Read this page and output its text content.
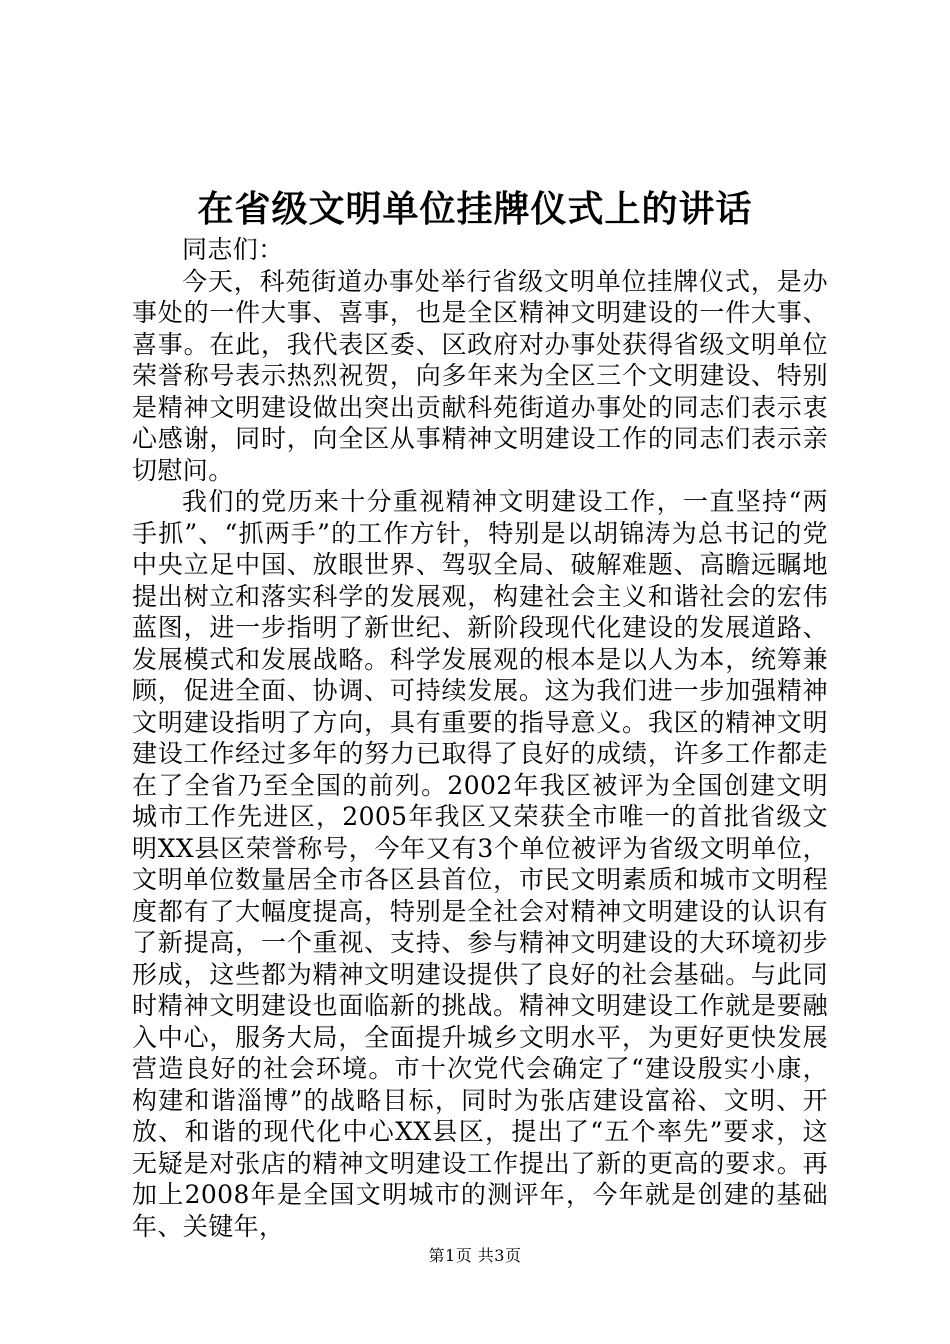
在省级文明单位挂牌仪式上的讲话

同志们：

今天，科苑街道办事处举行省级文明单位挂牌仪式，是办事处的一件大事、喜事，也是全区精神文明建设的一件大事、喜事。在此，我代表区委、区政府对办事处获得省级文明单位荣誉称号表示热烈祝贺，向多年来为全区三个文明建设、特别是精神文明建设做出突出贡献科苑街道办事处的同志们表示衷心感谢，同时，向全区从事精神文明建设工作的同志们表示亲切慰问。

我们的党历来十分重视精神文明建设工作，一直坚持“两手抓”、“抓两手”的工作方针，特别是以胡锦涛为总书记的党中央立足中国、放眼世界、驾驭全局、破解难题、高瞻远瞩地提出树立和落实科学的发展观，构建社会主义和谐社会的宏伟蓝图，进一步指明了新世纪、新阶段现代化建设的发展道路、发展模式和发展战略。科学发展观的根本是以人为本，统筹兼顾，促进全面、协调、可持续发展。这为我们进一步加强精神文明建设指明了方向，具有重要的指导意义。我区的精神文明建设工作经过多年的努力已取得了良好的成绩，许多工作都走在了全省乃至全国的前列。2002年我区被评为全国创建文明城市工作先进区，2005年我区又荣获全市唯一的首批省级文明XX县区荣誉称号，今年又有3个单位被评为省级文明单位，文明单位数量居全市各区县首位，市民文明素质和城市文明程度都有了大幅度提高，特别是全社会对精神文明建设的认识有了新提高，一个重视、支持、参与精神文明建设的大环境初步形成，这些都为精神文明建设提供了良好的社会基础。与此同时精神文明建设也面临新的挑战。精神文明建设工作就是要融入中心，服务大局，全面提升城乡文明水平，为更好更快发展营造良好的社会环境。市十次党代会确定了“建设殷实小康，构建和谐淄博”的战略目标，同时为张店建设富裕、文明、开放、和谐的现代化中心XX县区，提出了“五个率先”要求，这无疑是对张店的精神文明建设工作提出了新的更高的要求。再加上2008年是全国文明城市的测评年，今年就是创建的基础年、关键年，

第1页 共3页
